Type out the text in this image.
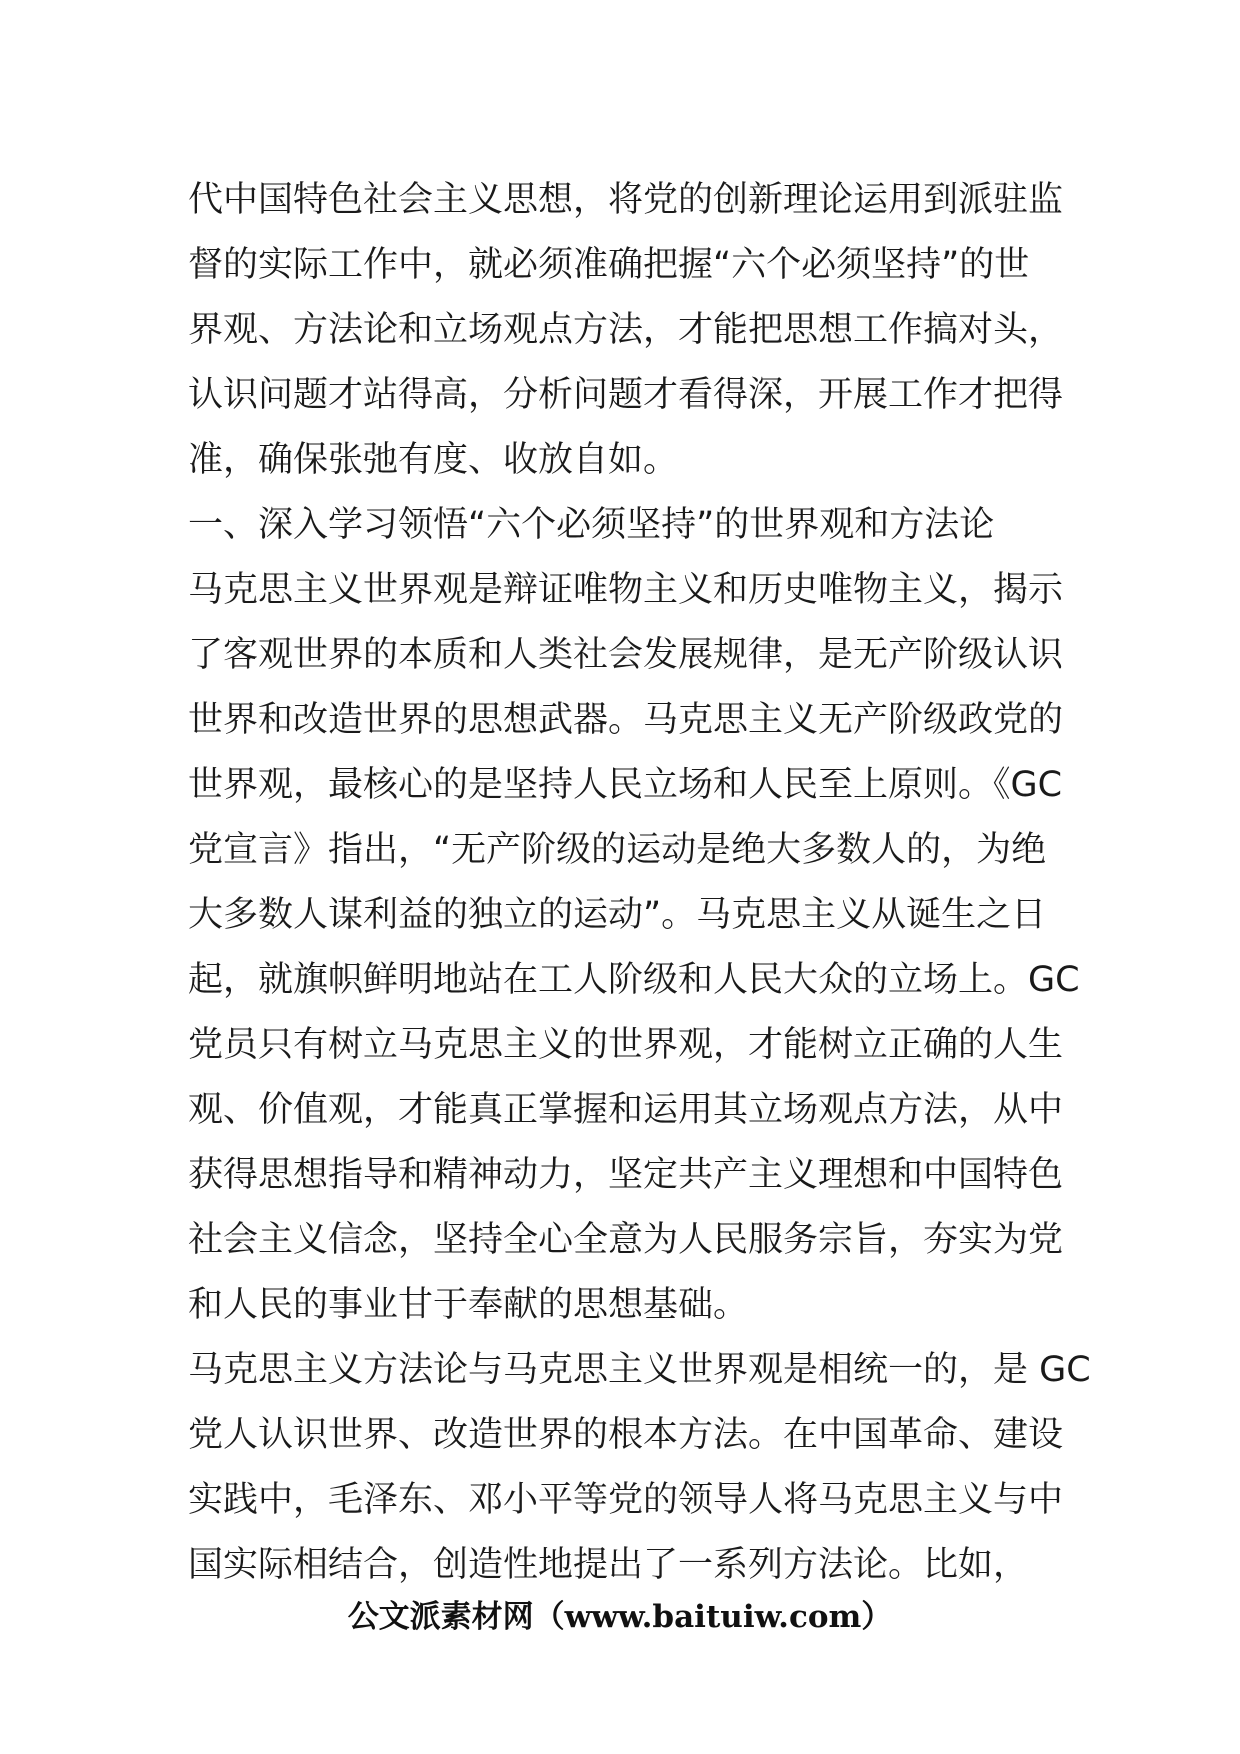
代中国特色社会主义思想，将党的创新理论运用到派驻监
督的实际工作中，就必须准确把握“六个必须坚持”的世
界观、方法论和立场观点方法，才能把思想工作搞对头，
认识问题才站得高，分析问题才看得深，开展工作才把得
准，确保张弛有度、收放自如。
一、深入学习领悟“六个必须坚持”的世界观和方法论
马克思主义世界观是辩证唯物主义和历史唯物主义，揭示
了客观世界的本质和人类社会发展规律，是无产阶级认识
世界和改造世界的思想武器。马克思主义无产阶级政党的
世界观，最核心的是坚持人民立场和人民至上原则。《GC
党宣言》指出，“无产阶级的运动是绝大多数人的，为绝
大多数人谋利益的独立的运动”。马克思主义从诞生之日
起，就旗帜鲜明地站在工人阶级和人民大众的立场上。GC
党员只有树立马克思主义的世界观，才能树立正确的人生
观、价值观，才能真正掌握和运用其立场观点方法，从中
获得思想指导和精神动力，坚定共产主义理想和中国特色
社会主义信念，坚持全心全意为人民服务宗旨，夯实为党
和人民的事业甘于奉献的思想基础。
马克思主义方法论与马克思主义世界观是相统一的，是 GC
党人认识世界、改造世界的根本方法。在中国革命、建设
实践中，毛泽东、邓小平等党的领导人将马克思主义与中
国实际相结合，创造性地提出了一系列方法论。比如，
公文派素材网（www.baituiw.com）
